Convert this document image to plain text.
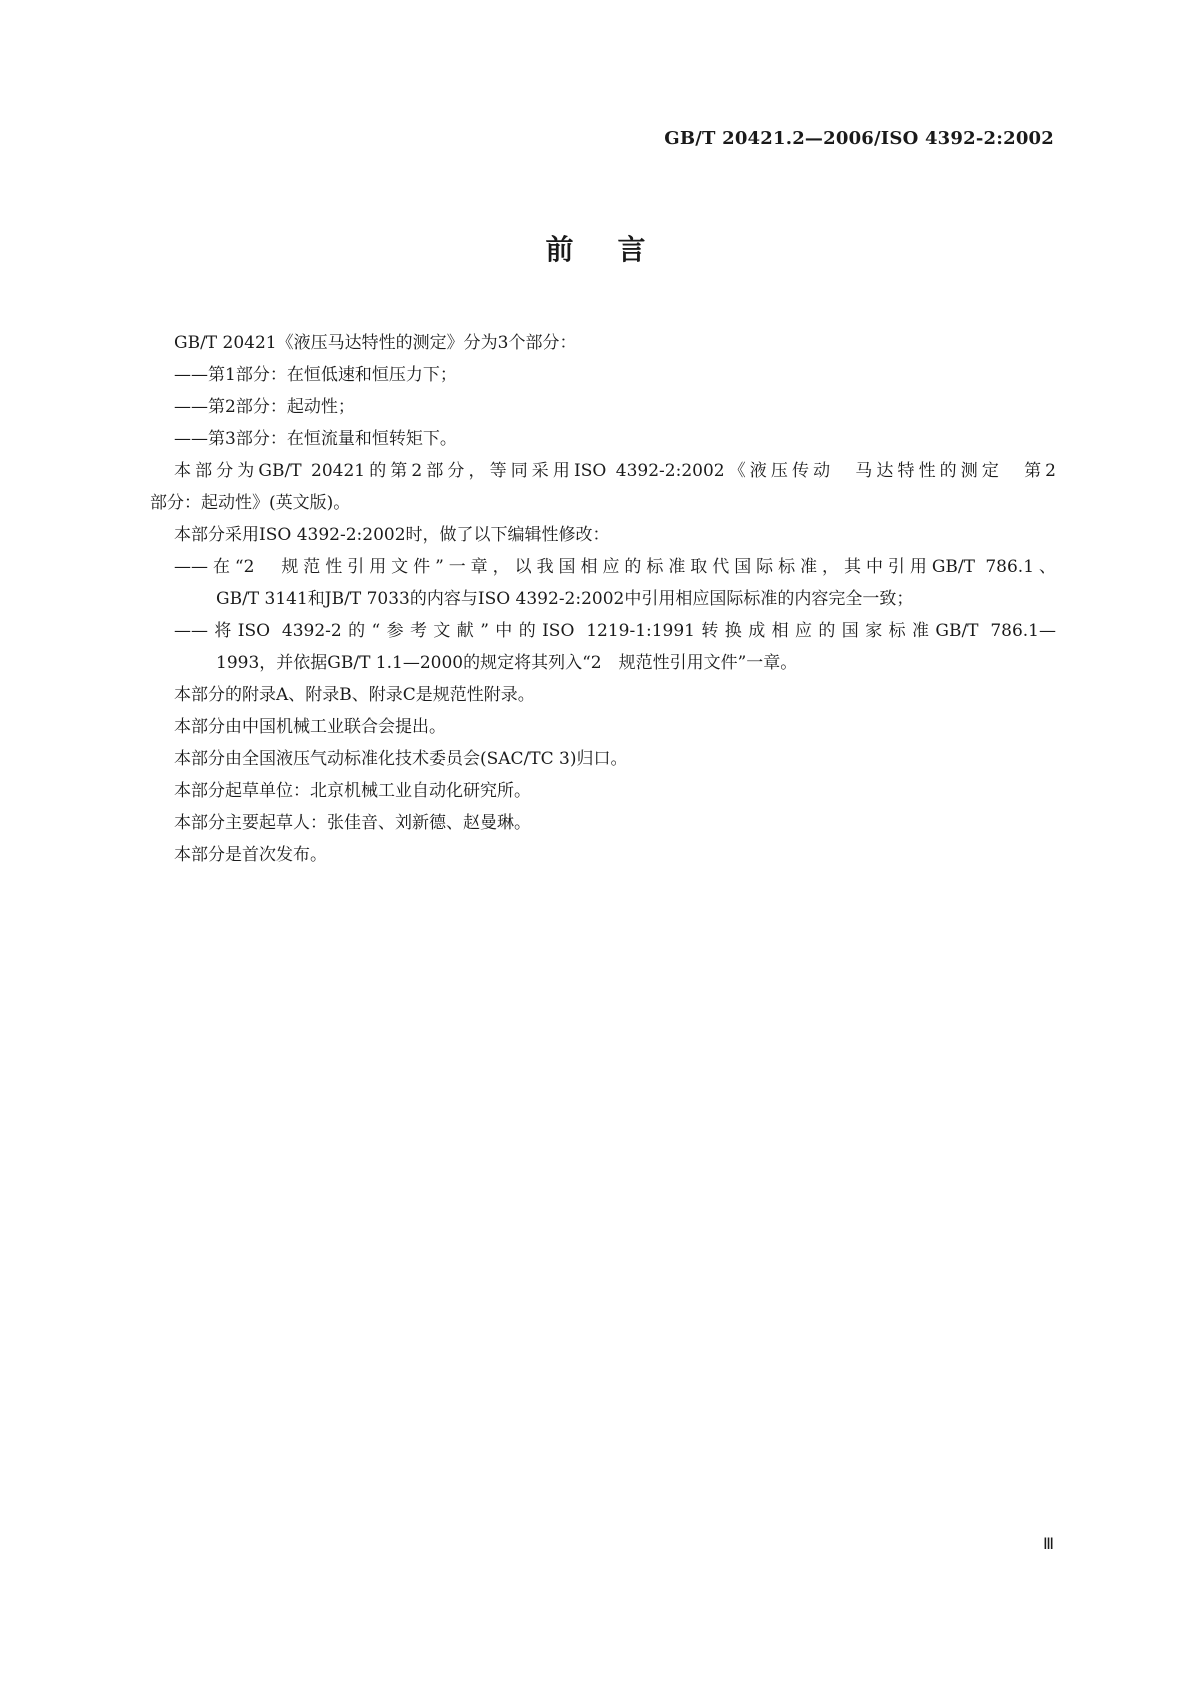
GB/T 20421.2—2006/ISO 4392-2:2002
前言
GB/T 20421《液压马达特性的测定》分为3个部分：
——第1部分：在恒低速和恒压力下；
——第2部分：起动性；
——第3部分：在恒流量和恒转矩下。
本部分为GB/T 20421的第2部分，等同采用ISO 4392-2:2002《液压传动　马达特性的测定　第2
部分：起动性》(英文版)。
本部分采用ISO 4392-2:2002时，做了以下编辑性修改：
——在“2　规范性引用文件”一章，以我国相应的标准取代国际标准，其中引用GB/T 786.1、
GB/T 3141和JB/T 7033的内容与ISO 4392-2:2002中引用相应国际标准的内容完全一致；
——将ISO 4392-2的“参考文献”中的ISO 1219-1:1991转换成相应的国家标准GB/T 786.1—
1993，并依据GB/T 1.1—2000的规定将其列入“2　规范性引用文件”一章。
本部分的附录A、附录B、附录C是规范性附录。
本部分由中国机械工业联合会提出。
本部分由全国液压气动标准化技术委员会(SAC/TC 3)归口。
本部分起草单位：北京机械工业自动化研究所。
本部分主要起草人：张佳音、刘新德、赵曼琳。
本部分是首次发布。
Ⅲ
